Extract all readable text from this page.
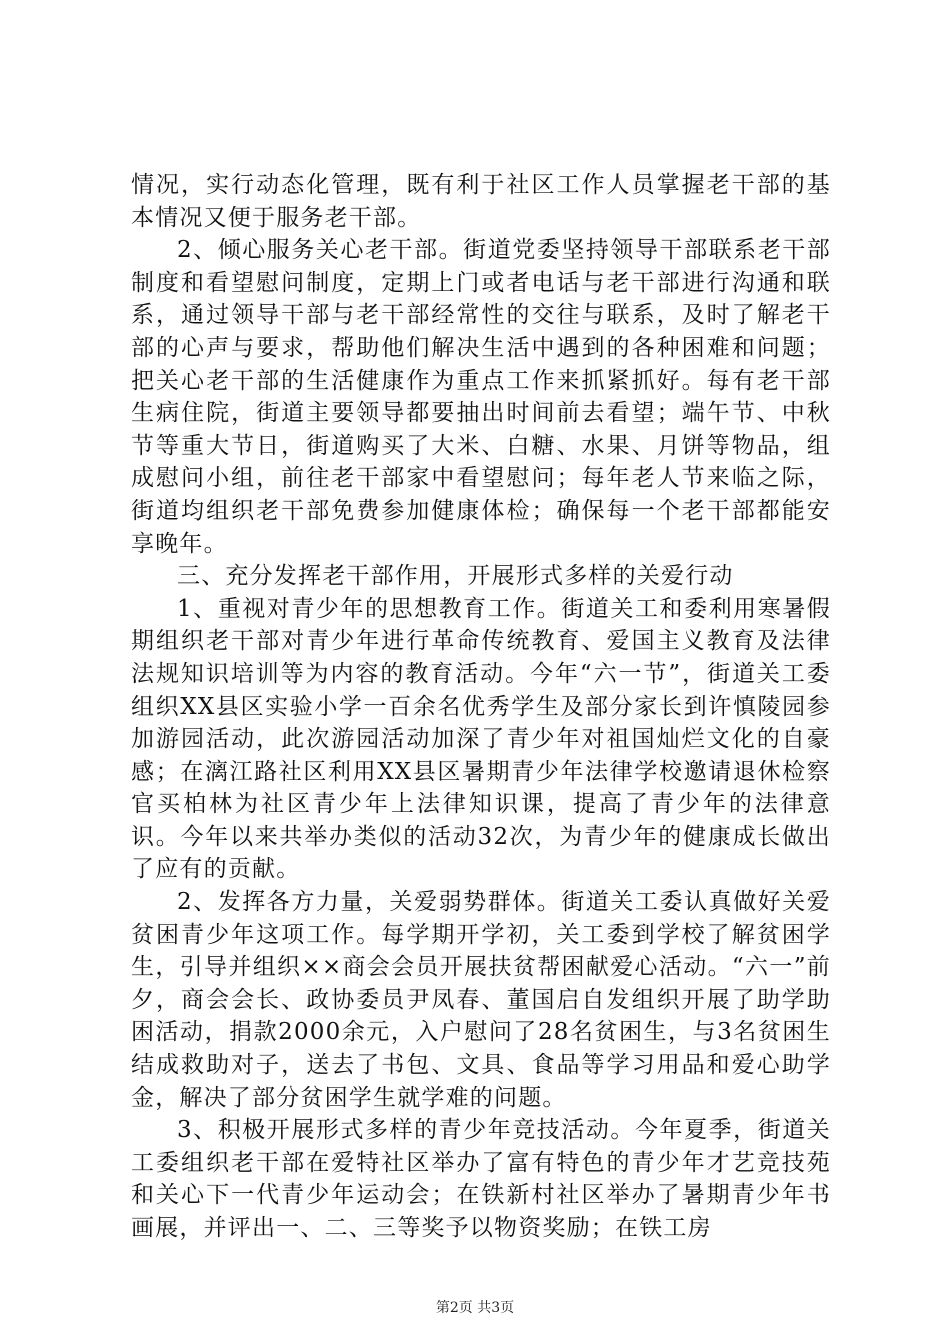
情况，实行动态化管理，既有利于社区工作人员掌握老干部的基本情况又便于服务老干部。

2、倾心服务关心老干部。街道党委坚持领导干部联系老干部制度和看望慰问制度，定期上门或者电话与老干部进行沟通和联系，通过领导干部与老干部经常性的交往与联系，及时了解老干部的心声与要求，帮助他们解决生活中遇到的各种困难和问题；把关心老干部的生活健康作为重点工作来抓紧抓好。每有老干部生病住院，街道主要领导都要抽出时间前去看望；端午节、中秋节等重大节日，街道购买了大米、白糖、水果、月饼等物品，组成慰问小组，前往老干部家中看望慰问；每年老人节来临之际，街道均组织老干部免费参加健康体检；确保每一个老干部都能安享晚年。

三、充分发挥老干部作用，开展形式多样的关爱行动

1、重视对青少年的思想教育工作。街道关工和委利用寒暑假期组织老干部对青少年进行革命传统教育、爱国主义教育及法律法规知识培训等为内容的教育活动。今年“六一节”，街道关工委组织XX县区实验小学一百余名优秀学生及部分家长到许慎陵园参加游园活动，此次游园活动加深了青少年对祖国灿烂文化的自豪感；在漓江路社区利用XX县区暑期青少年法律学校邀请退休检察官买柏林为社区青少年上法律知识课，提高了青少年的法律意识。今年以来共举办类似的活动32次，为青少年的健康成长做出了应有的贡献。

2、发挥各方力量，关爱弱势群体。街道关工委认真做好关爱贫困青少年这项工作。每学期开学初，关工委到学校了解贫困学生，引导并组织××商会会员开展扶贫帮困献爱心活动。“六一”前夕，商会会长、政协委员尹凤春、董国启自发组织开展了助学助困活动，捐款2000余元，入户慰问了28名贫困生，与3名贫困生结成救助对子，送去了书包、文具、食品等学习用品和爱心助学金，解决了部分贫困学生就学难的问题。

3、积极开展形式多样的青少年竞技活动。今年夏季，街道关工委组织老干部在爱特社区举办了富有特色的青少年才艺竞技苑和关心下一代青少年运动会；在铁新村社区举办了暑期青少年书画展，并评出一、二、三等奖予以物资奖励；在铁工房

第2页 共3页
